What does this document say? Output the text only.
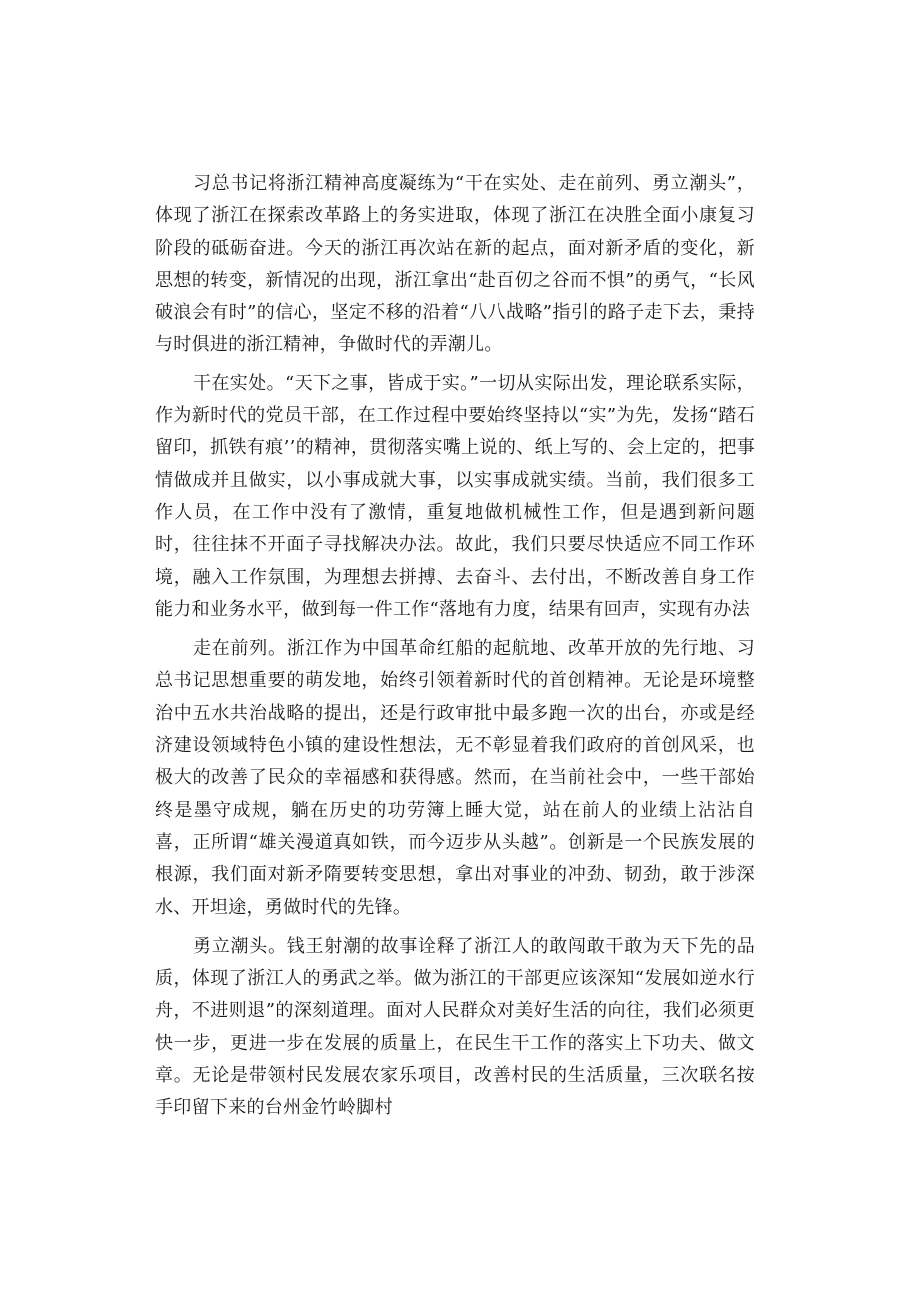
习总书记将浙江精神高度凝练为“干在实处、走在前列、勇立潮头”，体现了浙江在探索改革路上的务实进取，体现了浙江在决胜全面小康复习阶段的砥砺奋进。今天的浙江再次站在新的起点，面对新矛盾的变化，新思想的转变，新情况的出现，浙江拿出“赴百仞之谷而不惧”的勇气，“长风破浪会有时”的信心，坚定不移的沿着“八八战略”指引的路子走下去，秉持与时俱进的浙江精神，争做时代的弄潮儿。

干在实处。“天下之事，皆成于实。”一切从实际出发，理论联系实际，作为新时代的党员干部，在工作过程中要始终坚持以“实”为先，发扬“踏石留印，抓铁有痕’’的精神，贯彻落实嘴上说的、纸上写的、会上定的，把事情做成并且做实，以小事成就大事，以实事成就实绩。当前，我们很多工作人员，在工作中没有了激情，重复地做机械性工作，但是遇到新问题时，往往抹不开面子寻找解决办法。故此，我们只要尽快适应不同工作环境，融入工作氛围，为理想去拼搏、去奋斗、去付出，不断改善自身工作能力和业务水平，做到每一件工作“落地有力度，结果有回声，实现有办法

走在前列。浙江作为中国革命红船的起航地、改革开放的先行地、习总书记思想重要的萌发地，始终引领着新时代的首创精神。无论是环境整治中五水共治战略的提出，还是行政审批中最多跑一次的出台，亦或是经济建设领域特色小镇的建设性想法，无不彰显着我们政府的首创风采，也极大的改善了民众的幸福感和获得感。然而，在当前社会中，一些干部始终是墨守成规，躺在历史的功劳簿上睡大觉，站在前人的业绩上沾沾自喜，正所谓“雄关漫道真如铁，而今迈步从头越”。创新是一个民族发展的根源，我们面对新矛隋要转变思想，拿出对事业的冲劲、韧劲，敢于涉深水、开坦途，勇做时代的先锋。

勇立潮头。钱王射潮的故事诠释了浙江人的敢闯敢干敢为天下先的品质，体现了浙江人的勇武之举。做为浙江的干部更应该深知“发展如逆水行舟，不进则退”的深刻道理。面对人民群众对美好生活的向往，我们必须更快一步，更进一步在发展的质量上，在民生干工作的落实上下功夫、做文章。无论是带领村民发展农家乐项目，改善村民的生活质量，三次联名按手印留下来的台州金竹岭脚村
